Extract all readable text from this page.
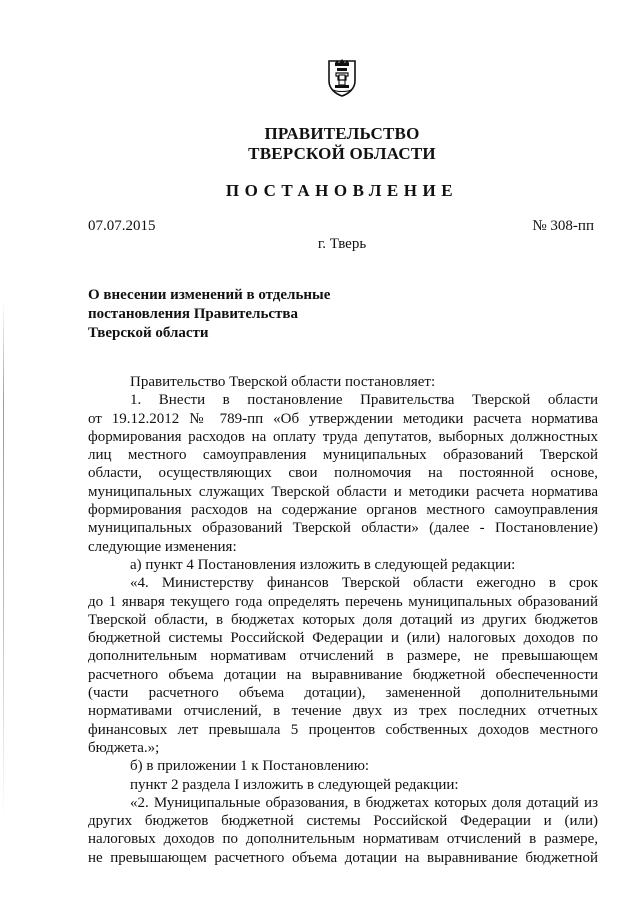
ПРАВИТЕЛЬСТВО
ТВЕРСКОЙ ОБЛАСТИ
ПОСТАНОВЛЕНИЕ
07.07.2015	№ 308-пп
г. Тверь
О внесении изменений в отдельные
постановления Правительства
Тверской области
Правительство Тверской области постановляет:
1. Внести в постановление Правительства Тверской области
от 19.12.2012 № 789-пп «Об утверждении методики расчета норматива
формирования расходов на оплату труда депутатов, выборных должностных
лиц местного самоуправления муниципальных образований Тверской
области, осуществляющих свои полномочия на постоянной основе,
муниципальных служащих Тверской области и методики расчета норматива
формирования расходов на содержание органов местного самоуправления
муниципальных образований Тверской области» (далее - Постановление)
следующие изменения:
а) пункт 4 Постановления изложить в следующей редакции:
«4. Министерству финансов Тверской области ежегодно в срок
до 1 января текущего года определять перечень муниципальных образований
Тверской области, в бюджетах которых доля дотаций из других бюджетов
бюджетной системы Российской Федерации и (или) налоговых доходов по
дополнительным нормативам отчислений в размере, не превышающем
расчетного объема дотации на выравнивание бюджетной обеспеченности
(части расчетного объема дотации), замененной дополнительными
нормативами отчислений, в течение двух из трех последних отчетных
финансовых лет превышала 5 процентов собственных доходов местного
бюджета.»;
б) в приложении 1 к Постановлению:
пункт 2 раздела I изложить в следующей редакции:
«2. Муниципальные образования, в бюджетах которых доля дотаций из
других бюджетов бюджетной системы Российской Федерации и (или)
налоговых доходов по дополнительным нормативам отчислений в размере,
не превышающем расчетного объема дотации на выравнивание бюджетной
